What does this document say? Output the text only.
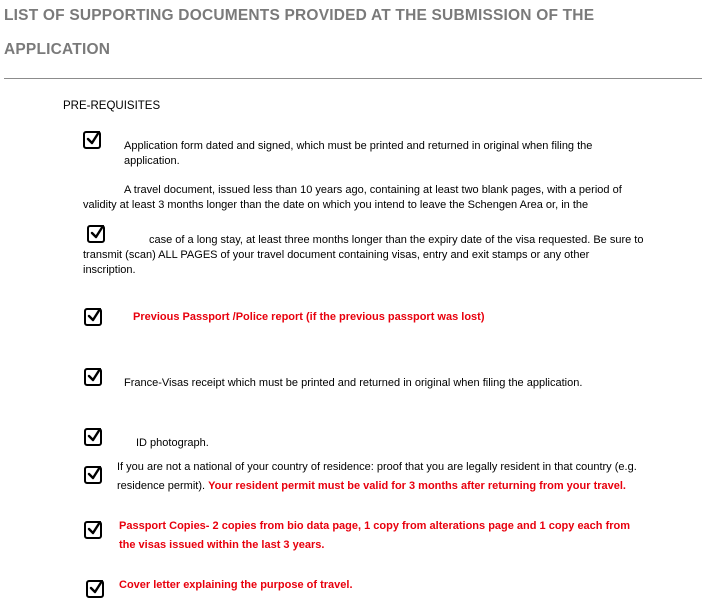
LIST OF SUPPORTING DOCUMENTS PROVIDED AT THE SUBMISSION OF THE
APPLICATION
PRE-REQUISITES
Application form dated and signed, which must be printed and returned in original when filing the
application.
A travel document, issued less than 10 years ago, containing at least two blank pages, with a period of
validity at least 3 months longer than the date on which you intend to leave the Schengen Area or, in the
case of a long stay, at least three months longer than the expiry date of the visa requested. Be sure to
transmit (scan) ALL PAGES of your travel document containing visas, entry and exit stamps or any other
inscription.
Previous Passport /Police report (if the previous passport was lost)
France-Visas receipt which must be printed and returned in original when filing the application.
ID photograph.
If you are not a national of your country of residence: proof that you are legally resident in that country (e.g.
residence permit). Your resident permit must be valid for 3 months after returning from your travel.
Passport Copies- 2 copies from bio data page, 1 copy from alterations page and 1 copy each from
the visas issued within the last 3 years.
Cover letter explaining the purpose of travel.
